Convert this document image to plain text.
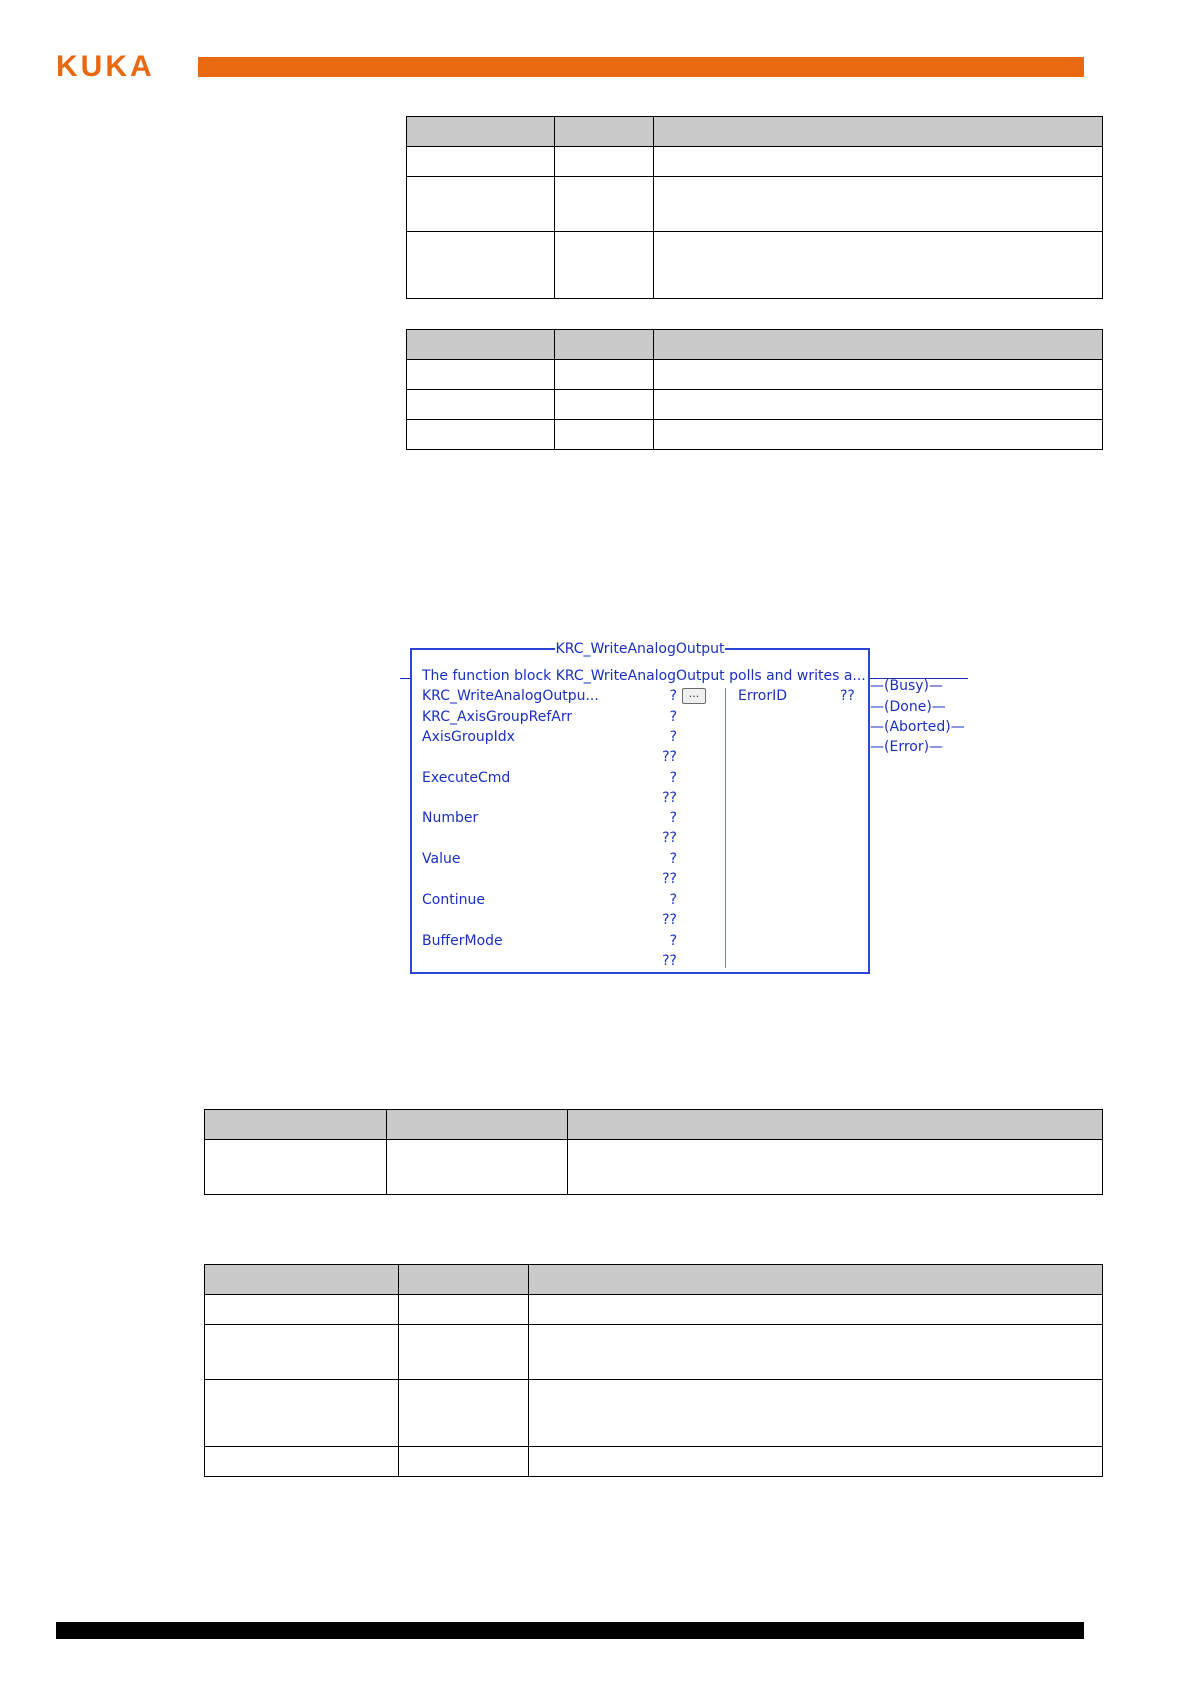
KUKA

KRC_WriteAnalogOutput
The function block KRC_WriteAnalogOutput polls and writes a...
KRC_WriteAnalogOutpu...	?	...
KRC_AxisGroupRefArr	?
AxisGroupIdx	?
??
ExecuteCmd	?
??
Number	?
??
Value	?
??
Continue	?
??
BufferMode	?
??
ErrorID	??
—(Busy)—
—(Done)—
—(Aborted)—
—(Error)—
